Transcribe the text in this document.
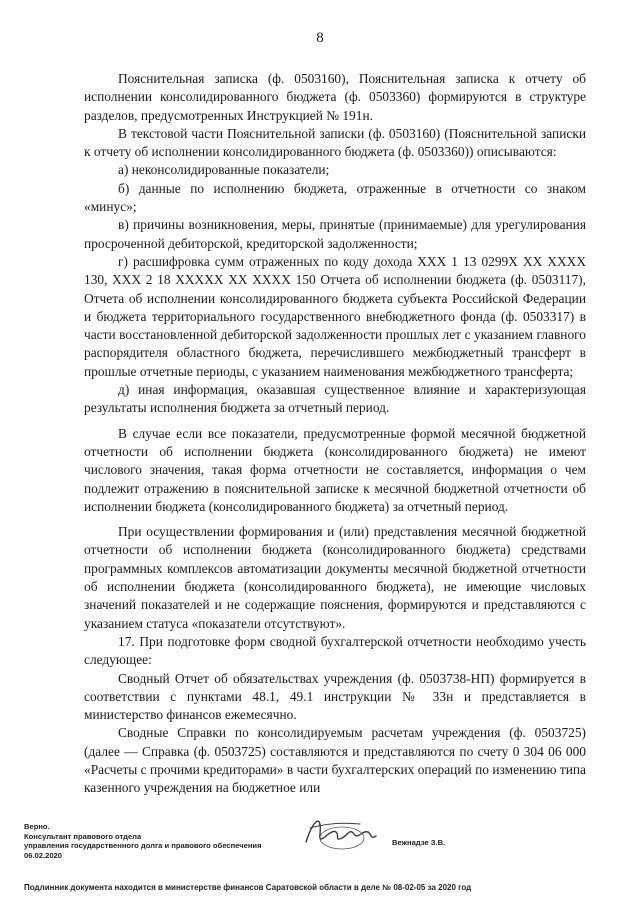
8

Пояснительная записка (ф. 0503160), Пояснительная записка к отчету об исполнении консолидированного бюджета (ф. 0503360) формируются в структуре разделов, предусмотренных Инструкцией № 191н.

В текстовой части Пояснительной записки (ф. 0503160) (Пояснительной записки к отчету об исполнении консолидированного бюджета (ф. 0503360)) описываются:

а) неконсолидированные показатели;

б) данные по исполнению бюджета, отраженные в отчетности со знаком «минус»;

в) причины возникновения, меры, принятые (принимаемые) для урегулирования просроченной дебиторской, кредиторской задолженности;

г) расшифровка сумм отраженных по коду дохода ХХХ 1 13 0299Х ХХ ХХХХ 130, ХХХ 2 18 ХХХХХ ХХ ХХХХ 150 Отчета об исполнении бюджета (ф. 0503117), Отчета об исполнении консолидированного бюджета субъекта Российской Федерации и бюджета территориального государственного внебюджетного фонда (ф. 0503317) в части восстановленной дебиторской задолженности прошлых лет с указанием главного распорядителя областного бюджета, перечислившего межбюджетный трансферт в прошлые отчетные периоды, с указанием наименования межбюджетного трансферта;

д) иная информация, оказавшая существенное влияние и характеризующая результаты исполнения бюджета за отчетный период.

В случае если все показатели, предусмотренные формой месячной бюджетной отчетности об исполнении бюджета (консолидированного бюджета) не имеют числового значения, такая форма отчетности не составляется, информация о чем подлежит отражению в пояснительной записке к месячной бюджетной отчетности об исполнении бюджета (консолидированного бюджета) за отчетный период.

При осуществлении формирования и (или) представления месячной бюджетной отчетности об исполнении бюджета (консолидированного бюджета) средствами программных комплексов автоматизации документы месячной бюджетной отчетности об исполнении бюджета (консолидированного бюджета), не имеющие числовых значений показателей и не содержащие пояснения, формируются и представляются с указанием статуса «показатели отсутствуют».

17. При подготовке форм сводной бухгалтерской отчетности необходимо учесть следующее:

Сводный Отчет об обязательствах учреждения (ф. 0503738-НП) формируется в соответствии с пунктами 48.1, 49.1 инструкции № 33н и представляется в министерство финансов ежемесячно.

Сводные Справки по консолидируемым расчетам учреждения (ф. 0503725) (далее — Справка (ф. 0503725) составляются и представляются по счету 0 304 06 000 «Расчеты с прочими кредиторами» в части бухгалтерских операций по изменению типа казенного учреждения на бюджетное или

Верно.
Консультант правового отдела
управления государственного долга и правового обеспечения
06.02.2020
Вежнадзе З.В.
Подлинник документа находится в министерстве финансов Саратовской области в деле № 08-02-05 за 2020 год
